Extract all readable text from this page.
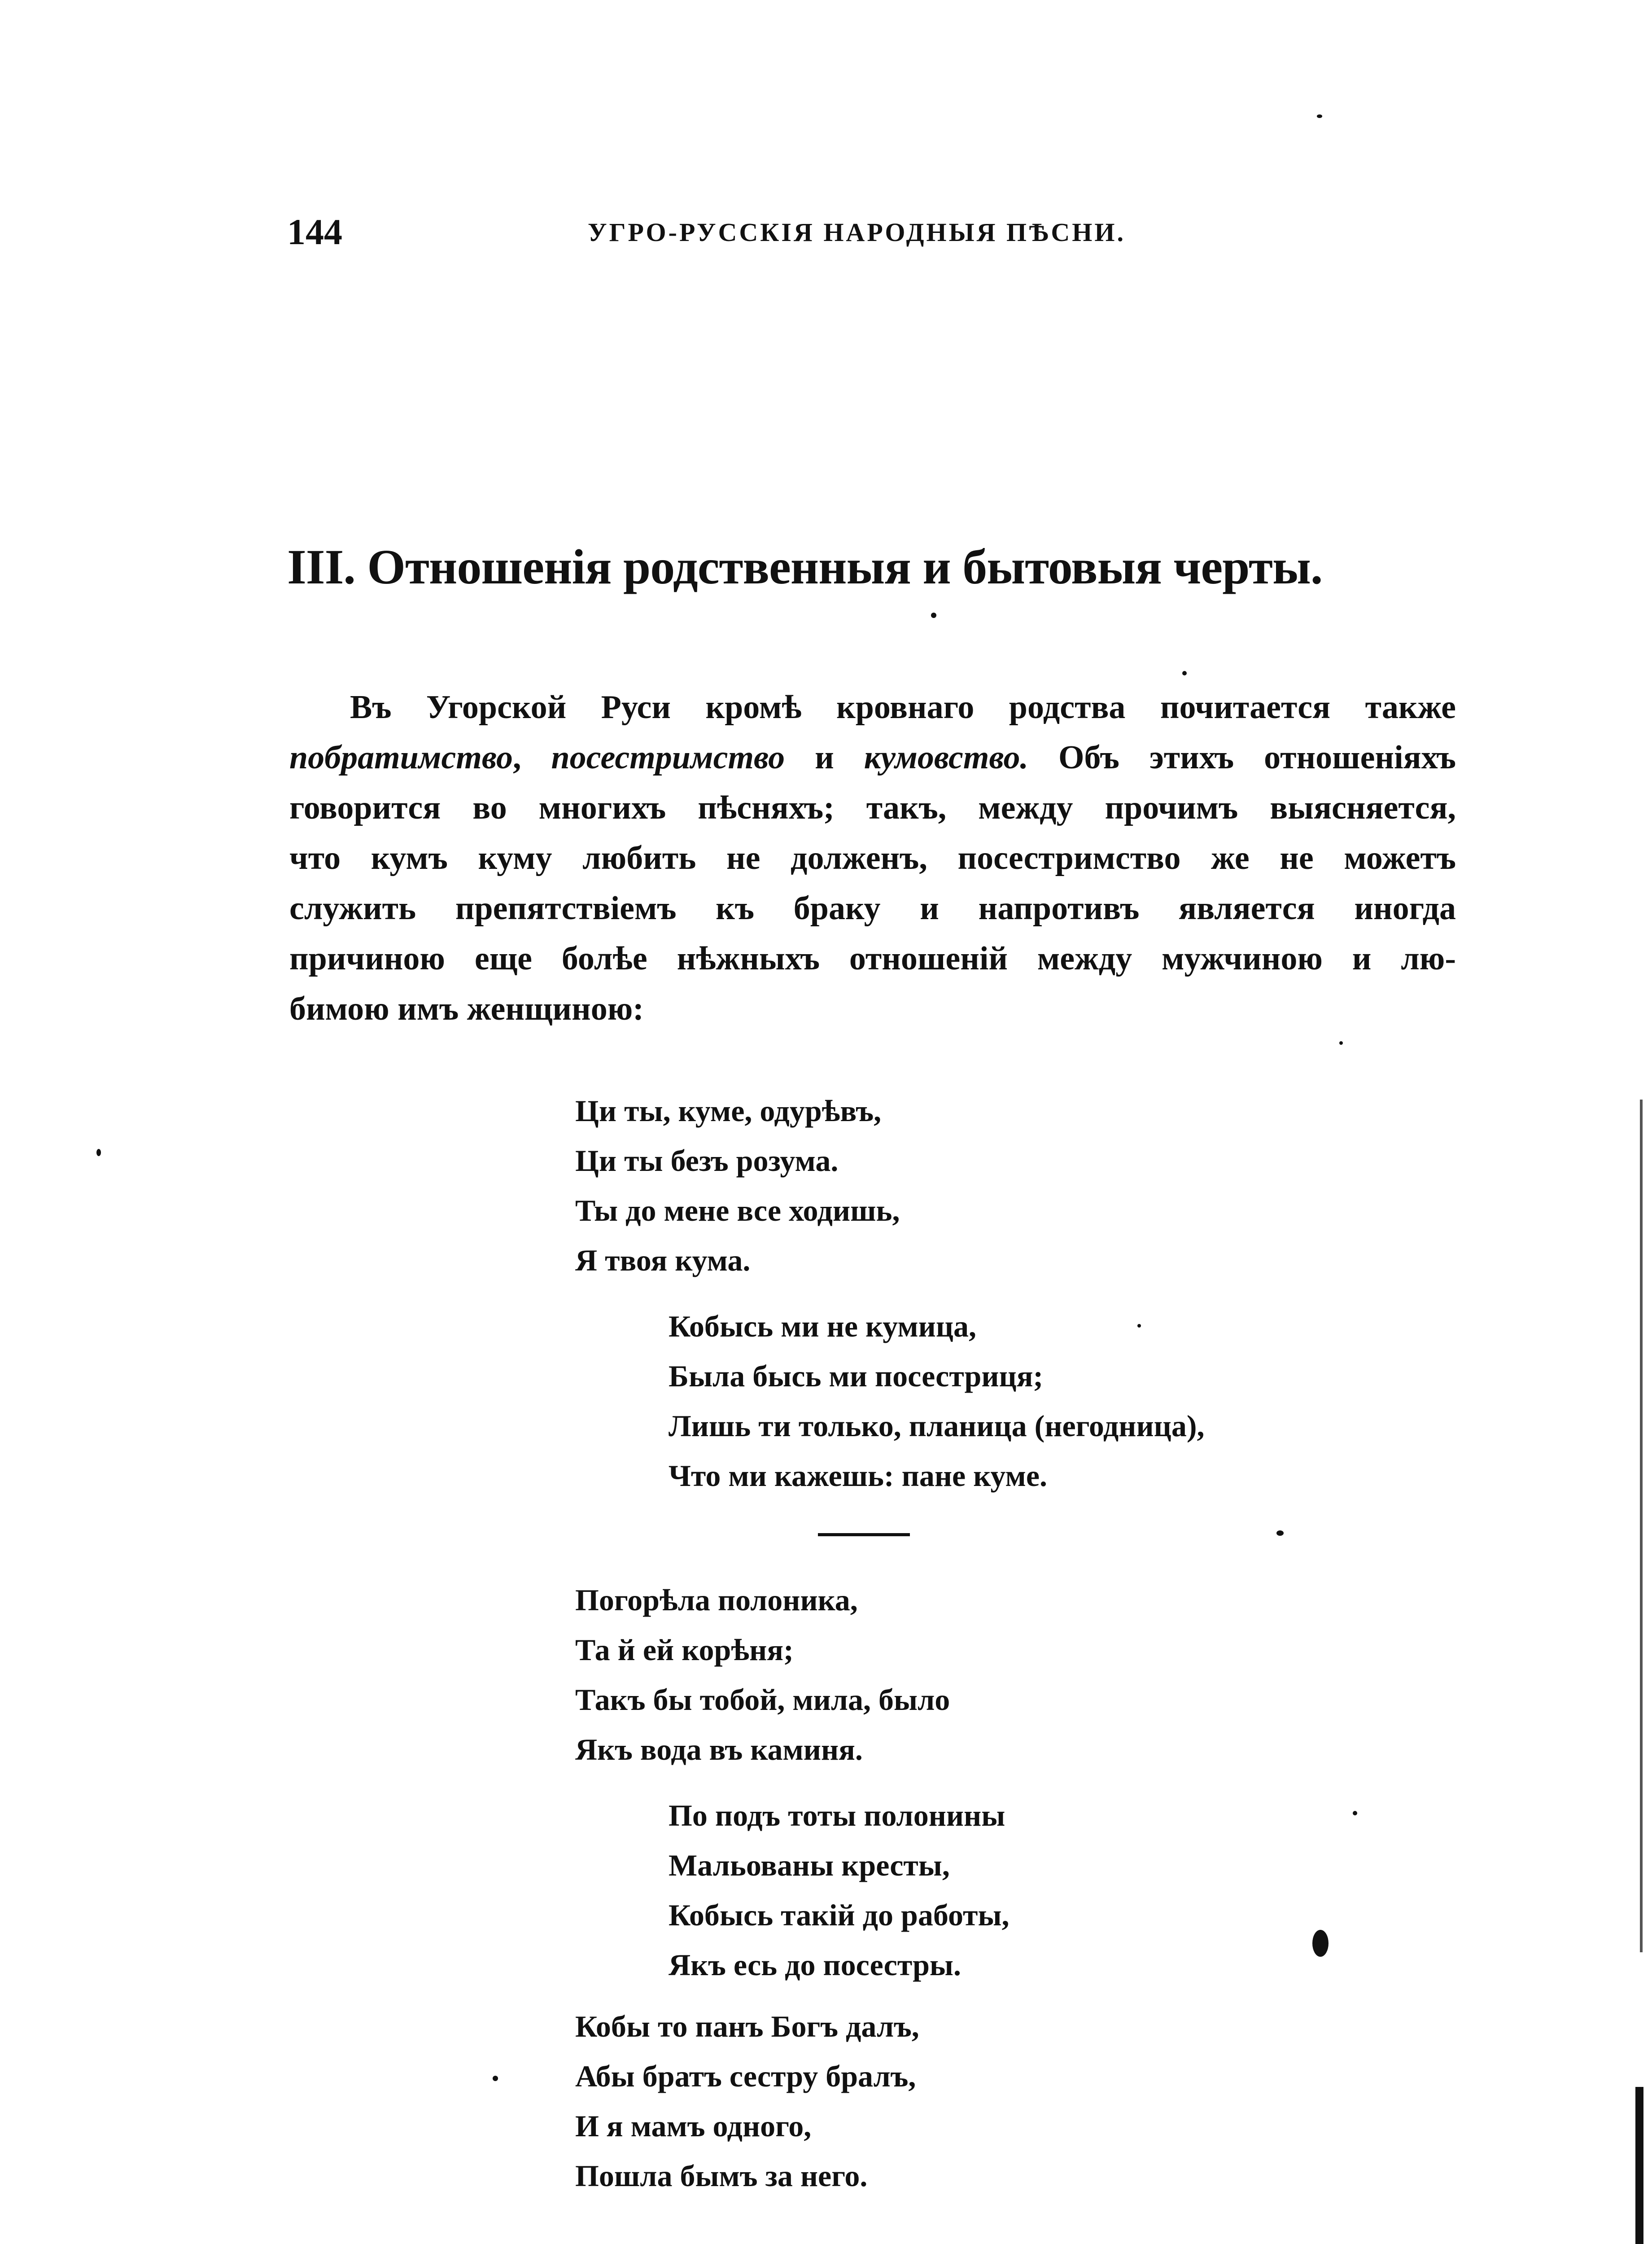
144	УГРО-РУССКІЯ НАРОДНЫЯ ПѢСНИ.
III. Отношенія родственныя и бытовыя черты.
Въ Угорской Руси кромѣ кровнаго родства почитается также
побратимство, посестримство и кумовство. Объ этихъ отношеніяхъ
говорится во многихъ пѣсняхъ; такъ, между прочимъ выясняется,
что кумъ куму любить не долженъ, посестримство же не можетъ
служить препятствіемъ къ браку и напротивъ является иногда
причиною еще болѣе нѣжныхъ отношеній между мужчиною и лю-
бимою имъ женщиною:
Ци ты, куме, одурѣвъ,
Ци ты безъ розума.
Ты до мене все ходишь,
Я твоя кума.
Кобысь ми не кумица,
Была бысь ми посестриця;
Лишь ти только, планица (негодница),
Что ми кажешь: пане куме.
Погорѣла полоника,
Та й ей корѣня;
Такъ бы тобой, мила, было
Якъ вода въ каминя.
По подъ тоты полонины
Мальованы кресты,
Кобысь такій до работы,
Якъ есь до посестры.
Кобы то панъ Богъ далъ,
Абы братъ сестру бралъ,
И я мамъ одного,
Пошла бымъ за него.
